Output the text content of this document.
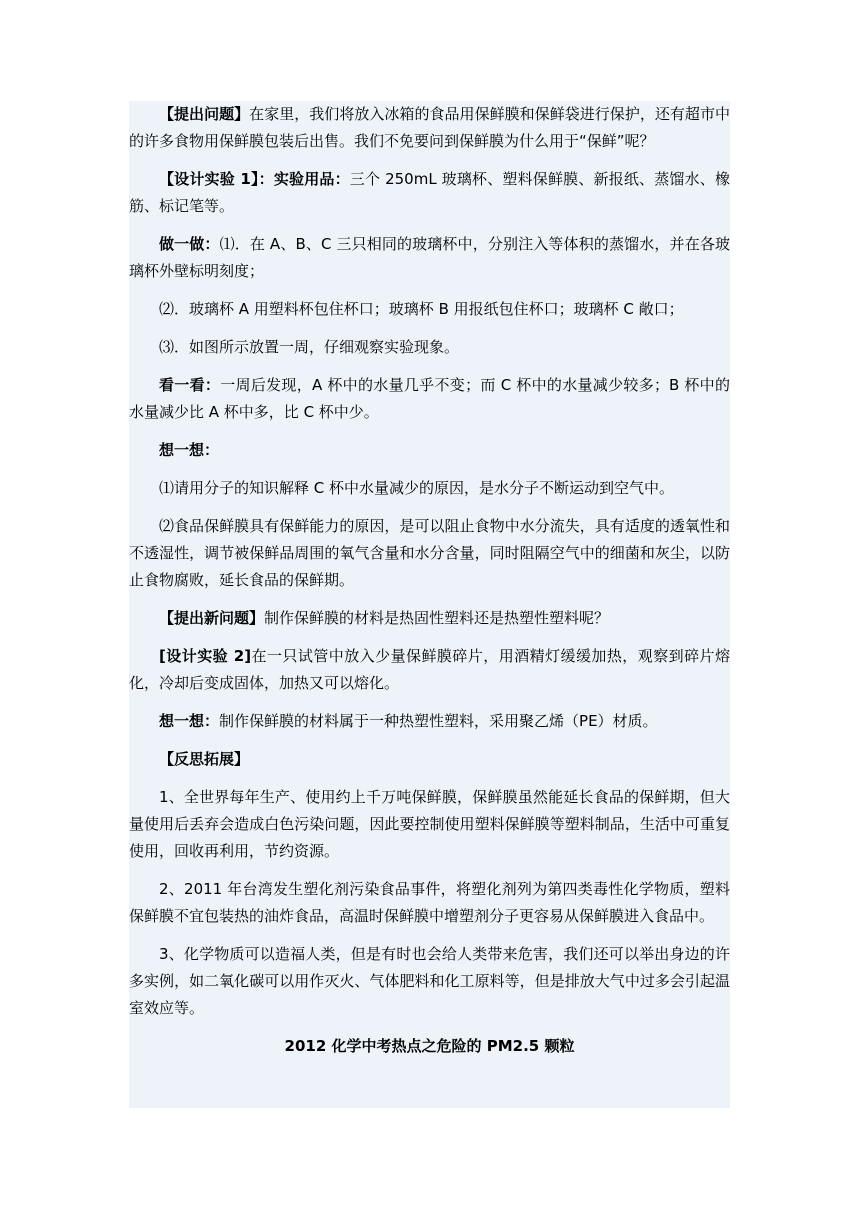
【提出问题】在家里，我们将放入冰箱的食品用保鲜膜和保鲜袋进行保护，还有超市中的许多食物用保鲜膜包装后出售。我们不免要问到保鲜膜为什么用于“保鲜”呢？

【设计实验 1】：实验用品：三个 250mL 玻璃杯、塑料保鲜膜、新报纸、蒸馏水、橡筋、标记笔等。

做一做：⑴．在 A、B、C 三只相同的玻璃杯中，分别注入等体积的蒸馏水，并在各玻璃杯外壁标明刻度；

⑵．玻璃杯 A 用塑料杯包住杯口；玻璃杯 B 用报纸包住杯口；玻璃杯 C 敞口；

⑶．如图所示放置一周，仔细观察实验现象。

看一看：一周后发现，A 杯中的水量几乎不变；而 C 杯中的水量减少较多；B 杯中的水量减少比 A 杯中多，比 C 杯中少。

想一想：

⑴请用分子的知识解释 C 杯中水量减少的原因，是水分子不断运动到空气中。

⑵食品保鲜膜具有保鲜能力的原因，是可以阻止食物中水分流失，具有适度的透氧性和不透湿性，调节被保鲜品周围的氧气含量和水分含量，同时阻隔空气中的细菌和灰尘，以防止食物腐败，延长食品的保鲜期。

【提出新问题】制作保鲜膜的材料是热固性塑料还是热塑性塑料呢？

[设计实验 2]在一只试管中放入少量保鲜膜碎片，用酒精灯缓缓加热，观察到碎片熔化，冷却后变成固体，加热又可以熔化。

想一想：制作保鲜膜的材料属于一种热塑性塑料，采用聚乙烯（PE）材质。

【反思拓展】

1、全世界每年生产、使用约上千万吨保鲜膜，保鲜膜虽然能延长食品的保鲜期，但大量使用后丢弃会造成白色污染问题，因此要控制使用塑料保鲜膜等塑料制品，生活中可重复使用，回收再利用，节约资源。

2、2011 年台湾发生塑化剂污染食品事件，将塑化剂列为第四类毒性化学物质，塑料保鲜膜不宜包装热的油炸食品，高温时保鲜膜中增塑剂分子更容易从保鲜膜进入食品中。

3、化学物质可以造福人类，但是有时也会给人类带来危害，我们还可以举出身边的许多实例，如二氧化碳可以用作灭火、气体肥料和化工原料等，但是排放大气中过多会引起温室效应等。

2012 化学中考热点之危险的 PM2.5 颗粒
